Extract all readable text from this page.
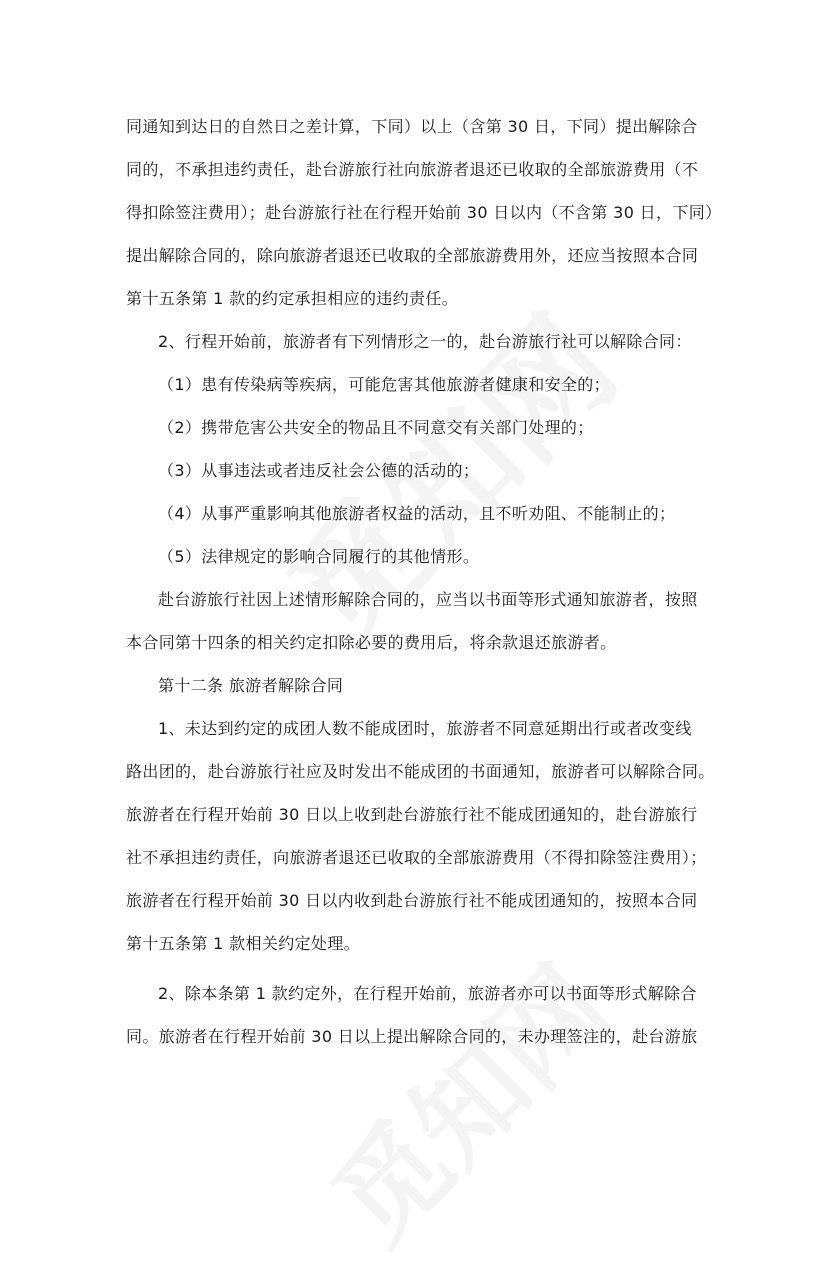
同通知到达日的自然日之差计算，下同）以上（含第 30 日，下同）提出解除合
同的，不承担违约责任，赴台游旅行社向旅游者退还已收取的全部旅游费用（不
得扣除签注费用）；赴台游旅行社在行程开始前 30 日以内（不含第 30 日，下同）
提出解除合同的，除向旅游者退还已收取的全部旅游费用外，还应当按照本合同
第十五条第 1 款的约定承担相应的违约责任。
2、行程开始前，旅游者有下列情形之一的，赴台游旅行社可以解除合同：
（1）患有传染病等疾病，可能危害其他旅游者健康和安全的；
（2）携带危害公共安全的物品且不同意交有关部门处理的；
（3）从事违法或者违反社会公德的活动的；
（4）从事严重影响其他旅游者权益的活动，且不听劝阻、不能制止的；
（5）法律规定的影响合同履行的其他情形。
赴台游旅行社因上述情形解除合同的，应当以书面等形式通知旅游者，按照
本合同第十四条的相关约定扣除必要的费用后，将余款退还旅游者。
第十二条 旅游者解除合同
1、未达到约定的成团人数不能成团时，旅游者不同意延期出行或者改变线
路出团的，赴台游旅行社应及时发出不能成团的书面通知，旅游者可以解除合同。
旅游者在行程开始前 30 日以上收到赴台游旅行社不能成团通知的，赴台游旅行
社不承担违约责任，向旅游者退还已收取的全部旅游费用（不得扣除签注费用）；
旅游者在行程开始前 30 日以内收到赴台游旅行社不能成团通知的，按照本合同
第十五条第 1 款相关约定处理。
2、除本条第 1 款约定外，在行程开始前，旅游者亦可以书面等形式解除合
同。旅游者在行程开始前 30 日以上提出解除合同的，未办理签注的，赴台游旅
